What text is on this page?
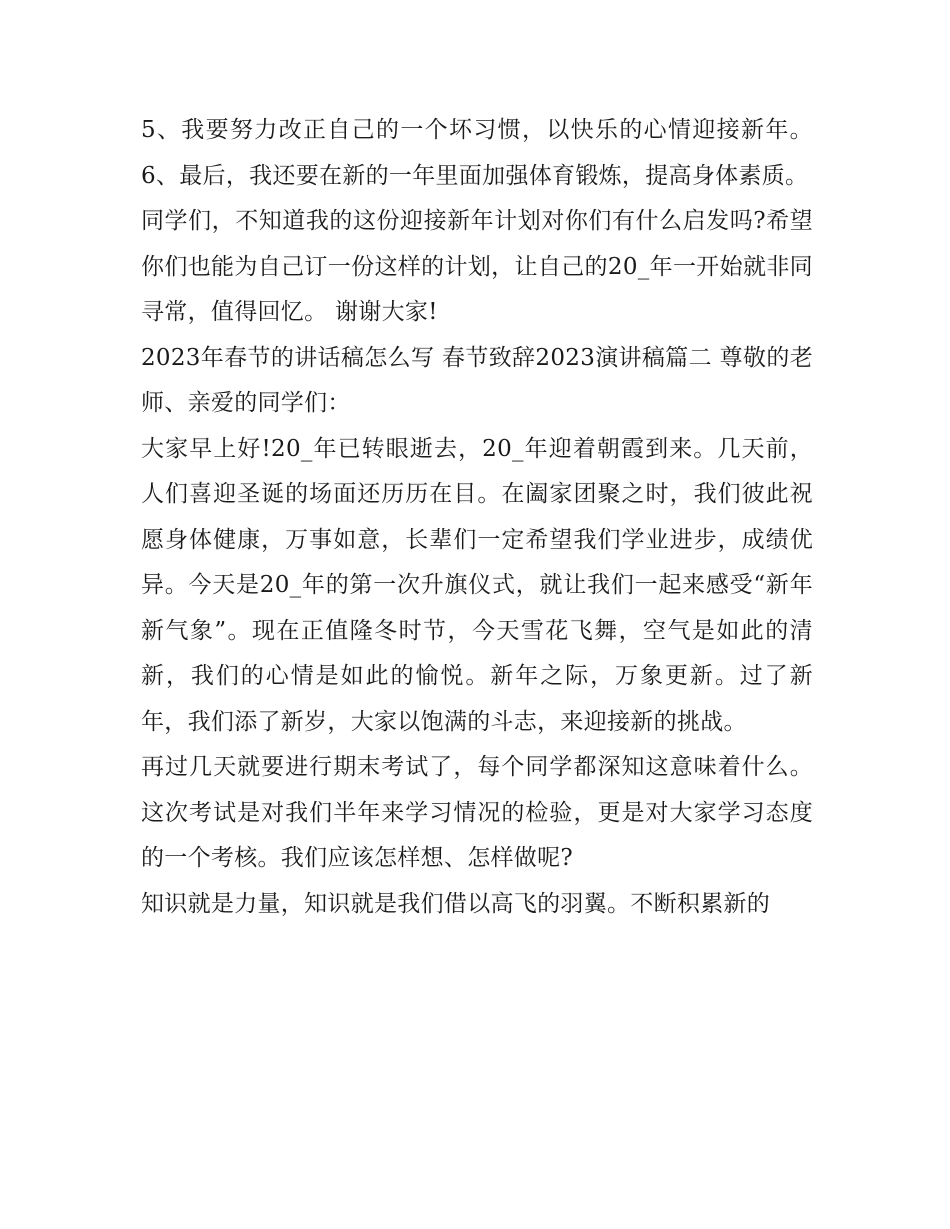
5、我要努力改正自己的一个坏习惯，以快乐的心情迎接新年。 6、最后，我还要在新的一年里面加强体育锻炼，提高身体素质。

同学们，不知道我的这份迎接新年计划对你们有什么启发吗?希望你们也能为自己订一份这样的计划，让自己的20_年一开始就非同寻常，值得回忆。 谢谢大家!

2023年春节的讲话稿怎么写 春节致辞2023演讲稿篇二 尊敬的老师、亲爱的同学们：

大家早上好!20_年已转眼逝去，20_年迎着朝霞到来。几天前，人们喜迎圣诞的场面还历历在目。在阖家团聚之时，我们彼此祝愿身体健康，万事如意，长辈们一定希望我们学业进步，成绩优异。今天是20_年的第一次升旗仪式，就让我们一起来感受“新年新气象”。现在正值隆冬时节，今天雪花飞舞，空气是如此的清新，我们的心情是如此的愉悦。新年之际，万象更新。过了新年，我们添了新岁，大家以饱满的斗志，来迎接新的挑战。

再过几天就要进行期末考试了，每个同学都深知这意味着什么。这次考试是对我们半年来学习情况的检验，更是对大家学习态度的一个考核。我们应该怎样想、怎样做呢?

知识就是力量，知识就是我们借以高飞的羽翼。不断积累新的
